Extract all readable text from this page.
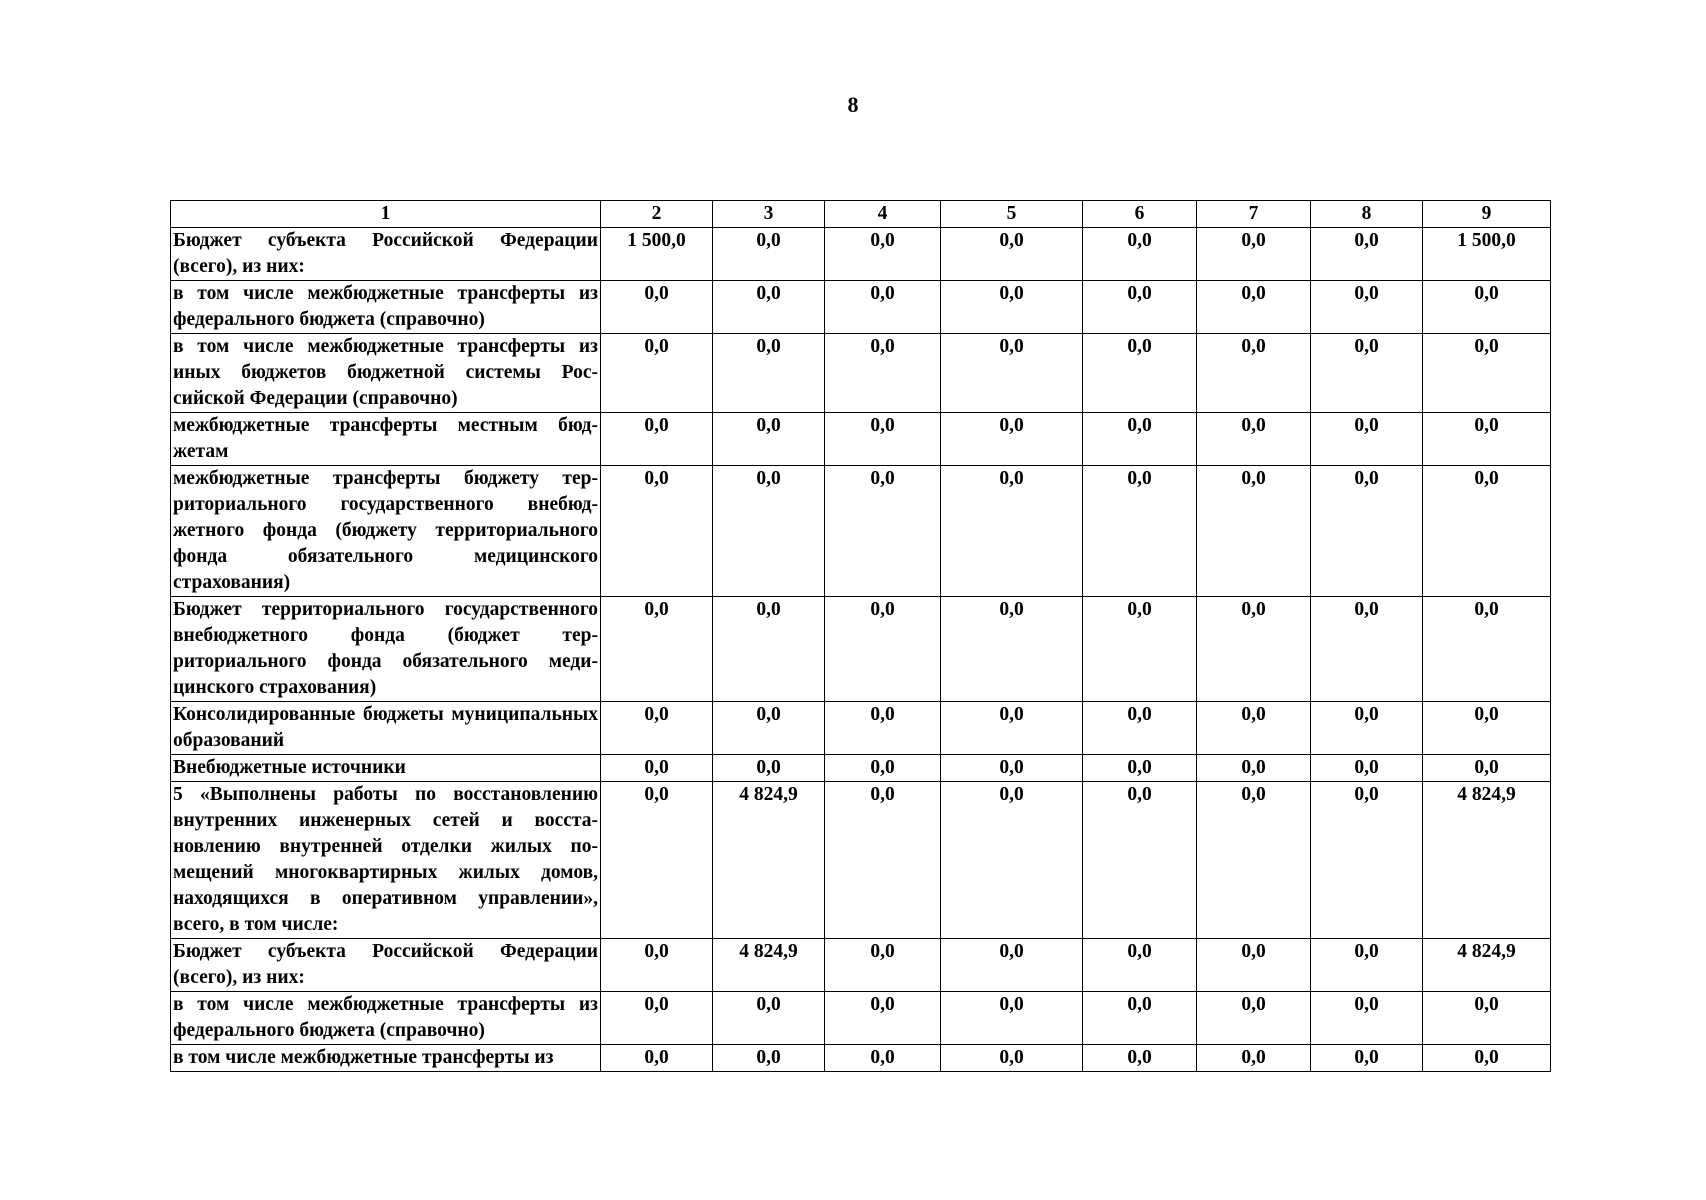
8
1	2	3	4	5	6	7	8	9
Бюджет субъекта Российской Федерации (всего), из них:	1 500,0	0,0	0,0	0,0	0,0	0,0	0,0	1 500,0
в том числе межбюджетные трансферты из федерального бюджета (справочно)	0,0	0,0	0,0	0,0	0,0	0,0	0,0	0,0
в том числе межбюджетные трансферты из иных бюджетов бюджетной системы Российской Федерации (справочно)	0,0	0,0	0,0	0,0	0,0	0,0	0,0	0,0
межбюджетные трансферты местным бюджетам	0,0	0,0	0,0	0,0	0,0	0,0	0,0	0,0
межбюджетные трансферты бюджету территориального государственного внебюджетного фонда (бюджету территориального фонда обязательного медицинского страхования)	0,0	0,0	0,0	0,0	0,0	0,0	0,0	0,0
Бюджет территориального государственного внебюджетного фонда (бюджет территориального фонда обязательного медицинского страхования)	0,0	0,0	0,0	0,0	0,0	0,0	0,0	0,0
Консолидированные бюджеты муниципальных образований	0,0	0,0	0,0	0,0	0,0	0,0	0,0	0,0
Внебюджетные источники	0,0	0,0	0,0	0,0	0,0	0,0	0,0	0,0
5 «Выполнены работы по восстановлению внутренних инженерных сетей и восстановлению внутренней отделки жилых помещений многоквартирных жилых домов, находящихся в оперативном управлении», всего, в том числе:	0,0	4 824,9	0,0	0,0	0,0	0,0	0,0	4 824,9
Бюджет субъекта Российской Федерации (всего), из них:	0,0	4 824,9	0,0	0,0	0,0	0,0	0,0	4 824,9
в том числе межбюджетные трансферты из федерального бюджета (справочно)	0,0	0,0	0,0	0,0	0,0	0,0	0,0	0,0
в том числе межбюджетные трансферты из	0,0	0,0	0,0	0,0	0,0	0,0	0,0	0,0
